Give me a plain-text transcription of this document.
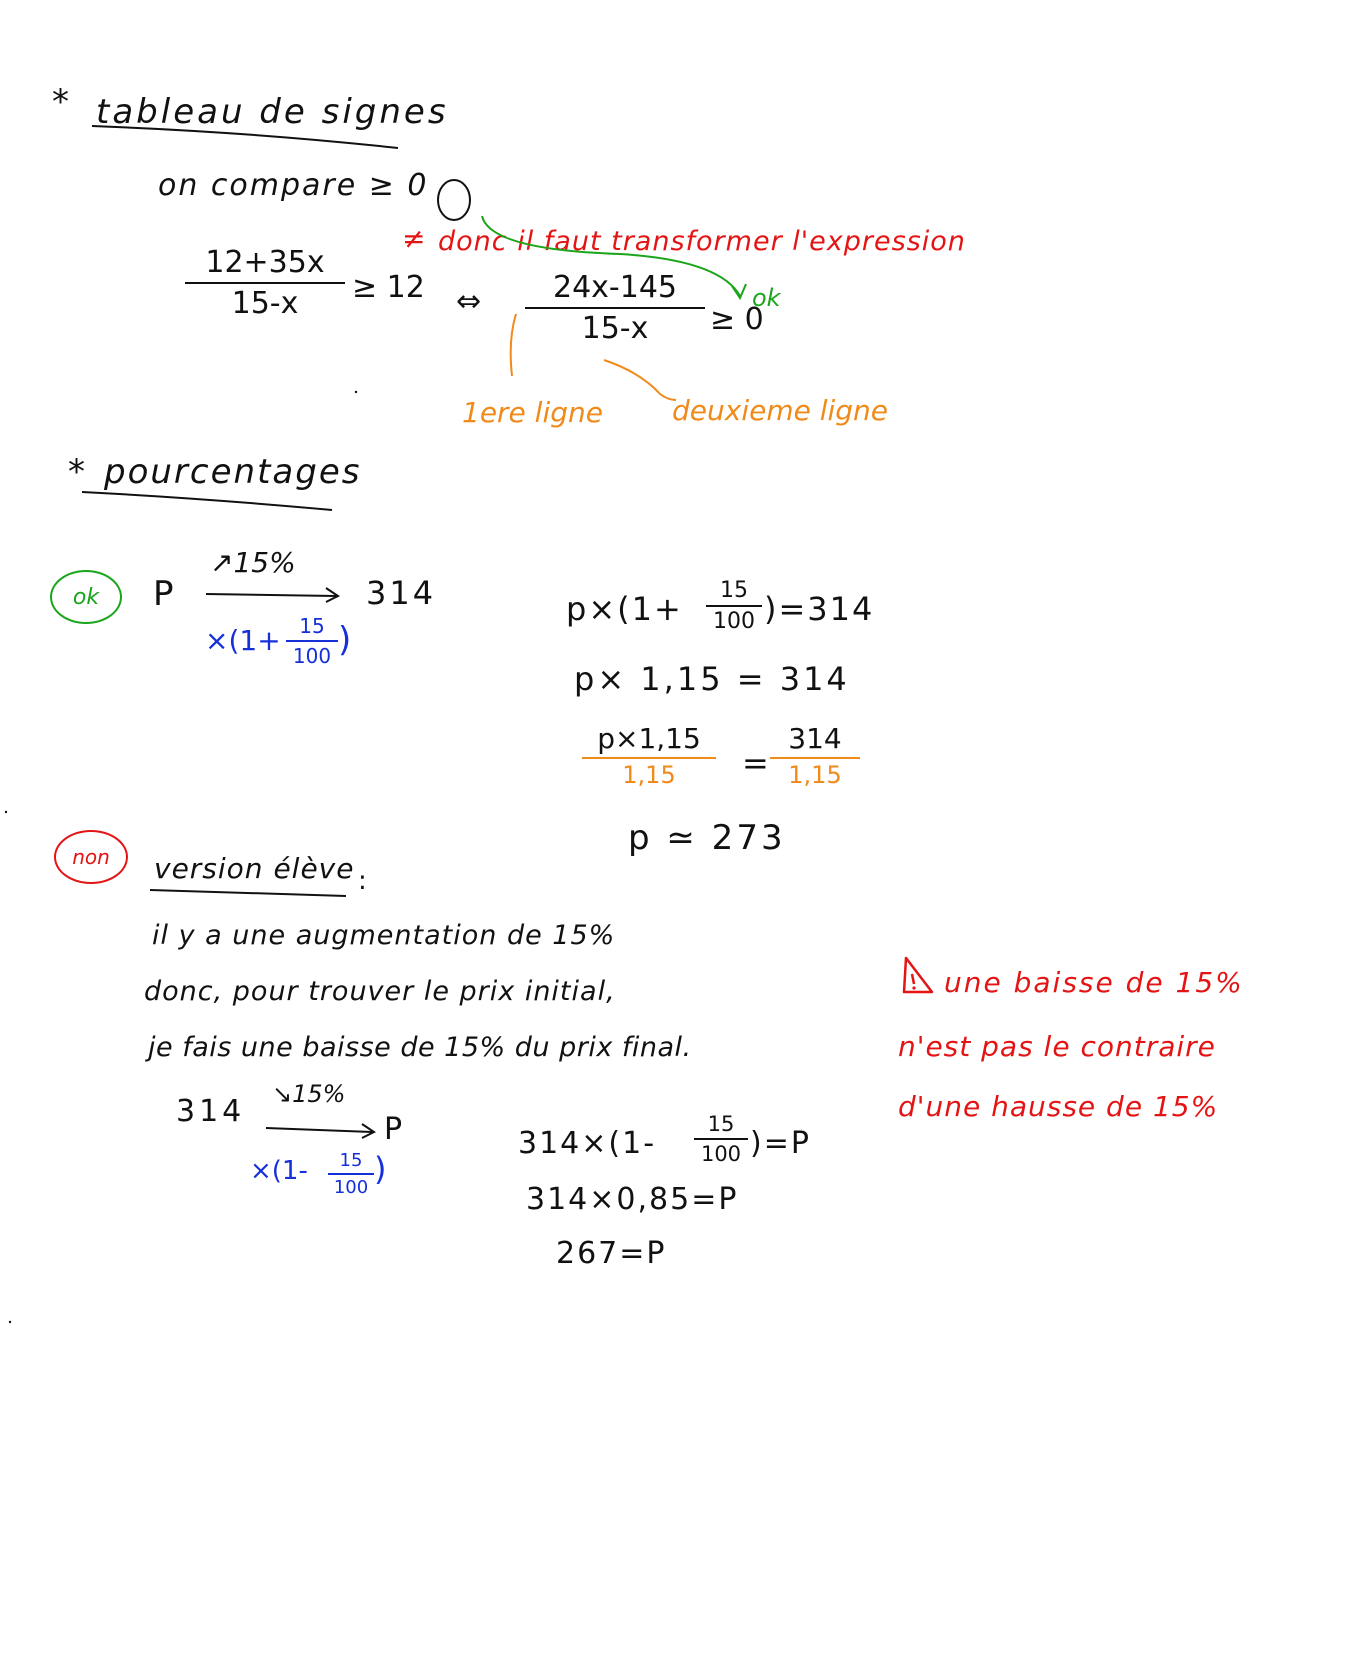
* tableau de signes
on compare ≥ 0
≠ donc il faut transformer l'expression
ok
12+35x
15-x	≥ 12 ⇔	24x-145
15-x	≥ 0
1ere ligne deuxieme ligne
* pourcentages
ok P
↗15%
314
×(1+ 15
100 )
p×(1+	15
100 )=314
p× 1,15 = 314
p×1,15
1,15	=
314
1,15
p ≃ 273
non version élève :
il y a une augmentation de 15%
donc, pour trouver le prix initial,
je fais une baisse de 15% du prix final.
314 ↘15%
P
×(1-	15
100 )
314×(1-
15
100 )=P
314×0,85=P
267=P
une baisse de 15%
n'est pas le contraire
d'une hausse de 15%
